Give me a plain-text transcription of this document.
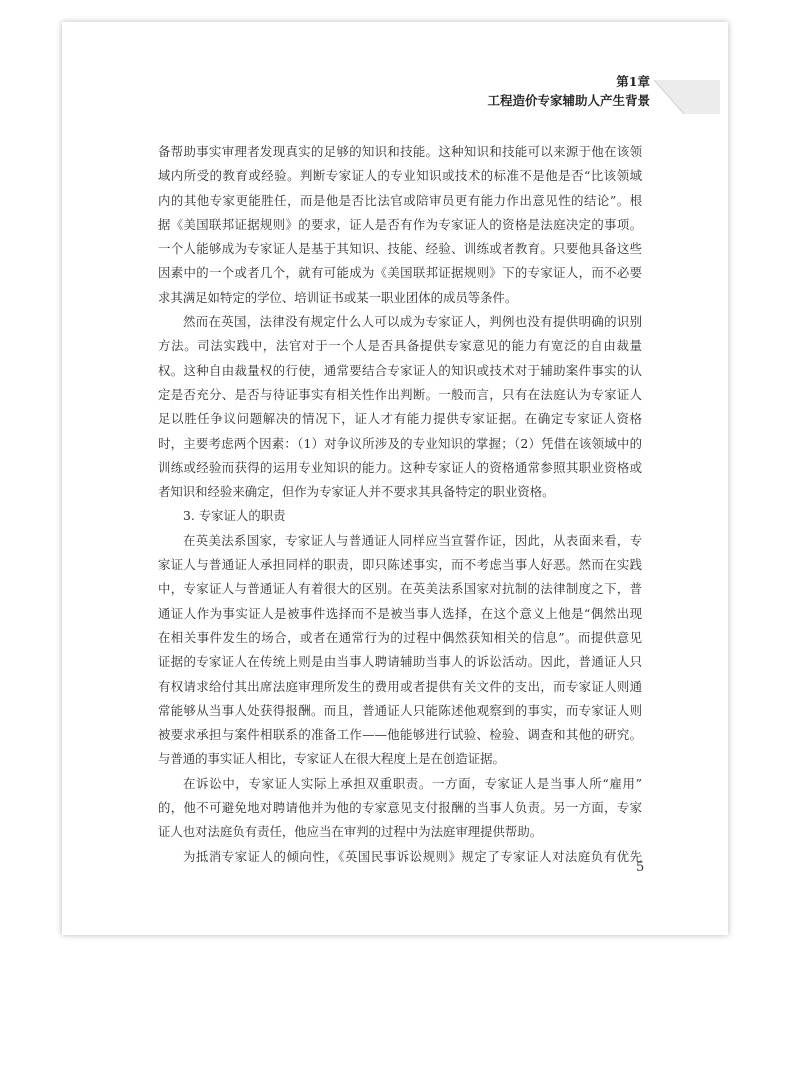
第1章
工程造价专家辅助人产生背景
备帮助事实审理者发现真实的足够的知识和技能。这种知识和技能可以来源于他在该领
域内所受的教育或经验。判断专家证人的专业知识或技术的标准不是他是否“比该领域
内的其他专家更能胜任，而是他是否比法官或陪审员更有能力作出意见性的结论”。根
据《美国联邦证据规则》的要求，证人是否有作为专家证人的资格是法庭决定的事项。
一个人能够成为专家证人是基于其知识、技能、经验、训练或者教育。只要他具备这些
因素中的一个或者几个，就有可能成为《美国联邦证据规则》下的专家证人，而不必要
求其满足如特定的学位、培训证书或某一职业团体的成员等条件。
然而在英国，法律没有规定什么人可以成为专家证人，判例也没有提供明确的识别
方法。司法实践中，法官对于一个人是否具备提供专家意见的能力有宽泛的自由裁量
权。这种自由裁量权的行使，通常要结合专家证人的知识或技术对于辅助案件事实的认
定是否充分、是否与待证事实有相关性作出判断。一般而言，只有在法庭认为专家证人
足以胜任争议问题解决的情况下，证人才有能力提供专家证据。在确定专家证人资格
时，主要考虑两个因素：（1）对争议所涉及的专业知识的掌握；（2）凭借在该领域中的
训练或经验而获得的运用专业知识的能力。这种专家证人的资格通常参照其职业资格或
者知识和经验来确定，但作为专家证人并不要求其具备特定的职业资格。
3. 专家证人的职责
在英美法系国家，专家证人与普通证人同样应当宣誓作证，因此，从表面来看，专
家证人与普通证人承担同样的职责，即只陈述事实，而不考虑当事人好恶。然而在实践
中，专家证人与普通证人有着很大的区别。在英美法系国家对抗制的法律制度之下，普
通证人作为事实证人是被事件选择而不是被当事人选择，在这个意义上他是“偶然出现
在相关事件发生的场合，或者在通常行为的过程中偶然获知相关的信息”。而提供意见
证据的专家证人在传统上则是由当事人聘请辅助当事人的诉讼活动。因此，普通证人只
有权请求给付其出席法庭审理所发生的费用或者提供有关文件的支出，而专家证人则通
常能够从当事人处获得报酬。而且，普通证人只能陈述他观察到的事实，而专家证人则
被要求承担与案件相联系的准备工作——他能够进行试验、检验、调查和其他的研究。
与普通的事实证人相比，专家证人在很大程度上是在创造证据。
在诉讼中，专家证人实际上承担双重职责。一方面，专家证人是当事人所“雇用”
的，他不可避免地对聘请他并为他的专家意见支付报酬的当事人负责。另一方面，专家
证人也对法庭负有责任，他应当在审判的过程中为法庭审理提供帮助。
为抵消专家证人的倾向性，《英国民事诉讼规则》规定了专家证人对法庭负有优先
5
